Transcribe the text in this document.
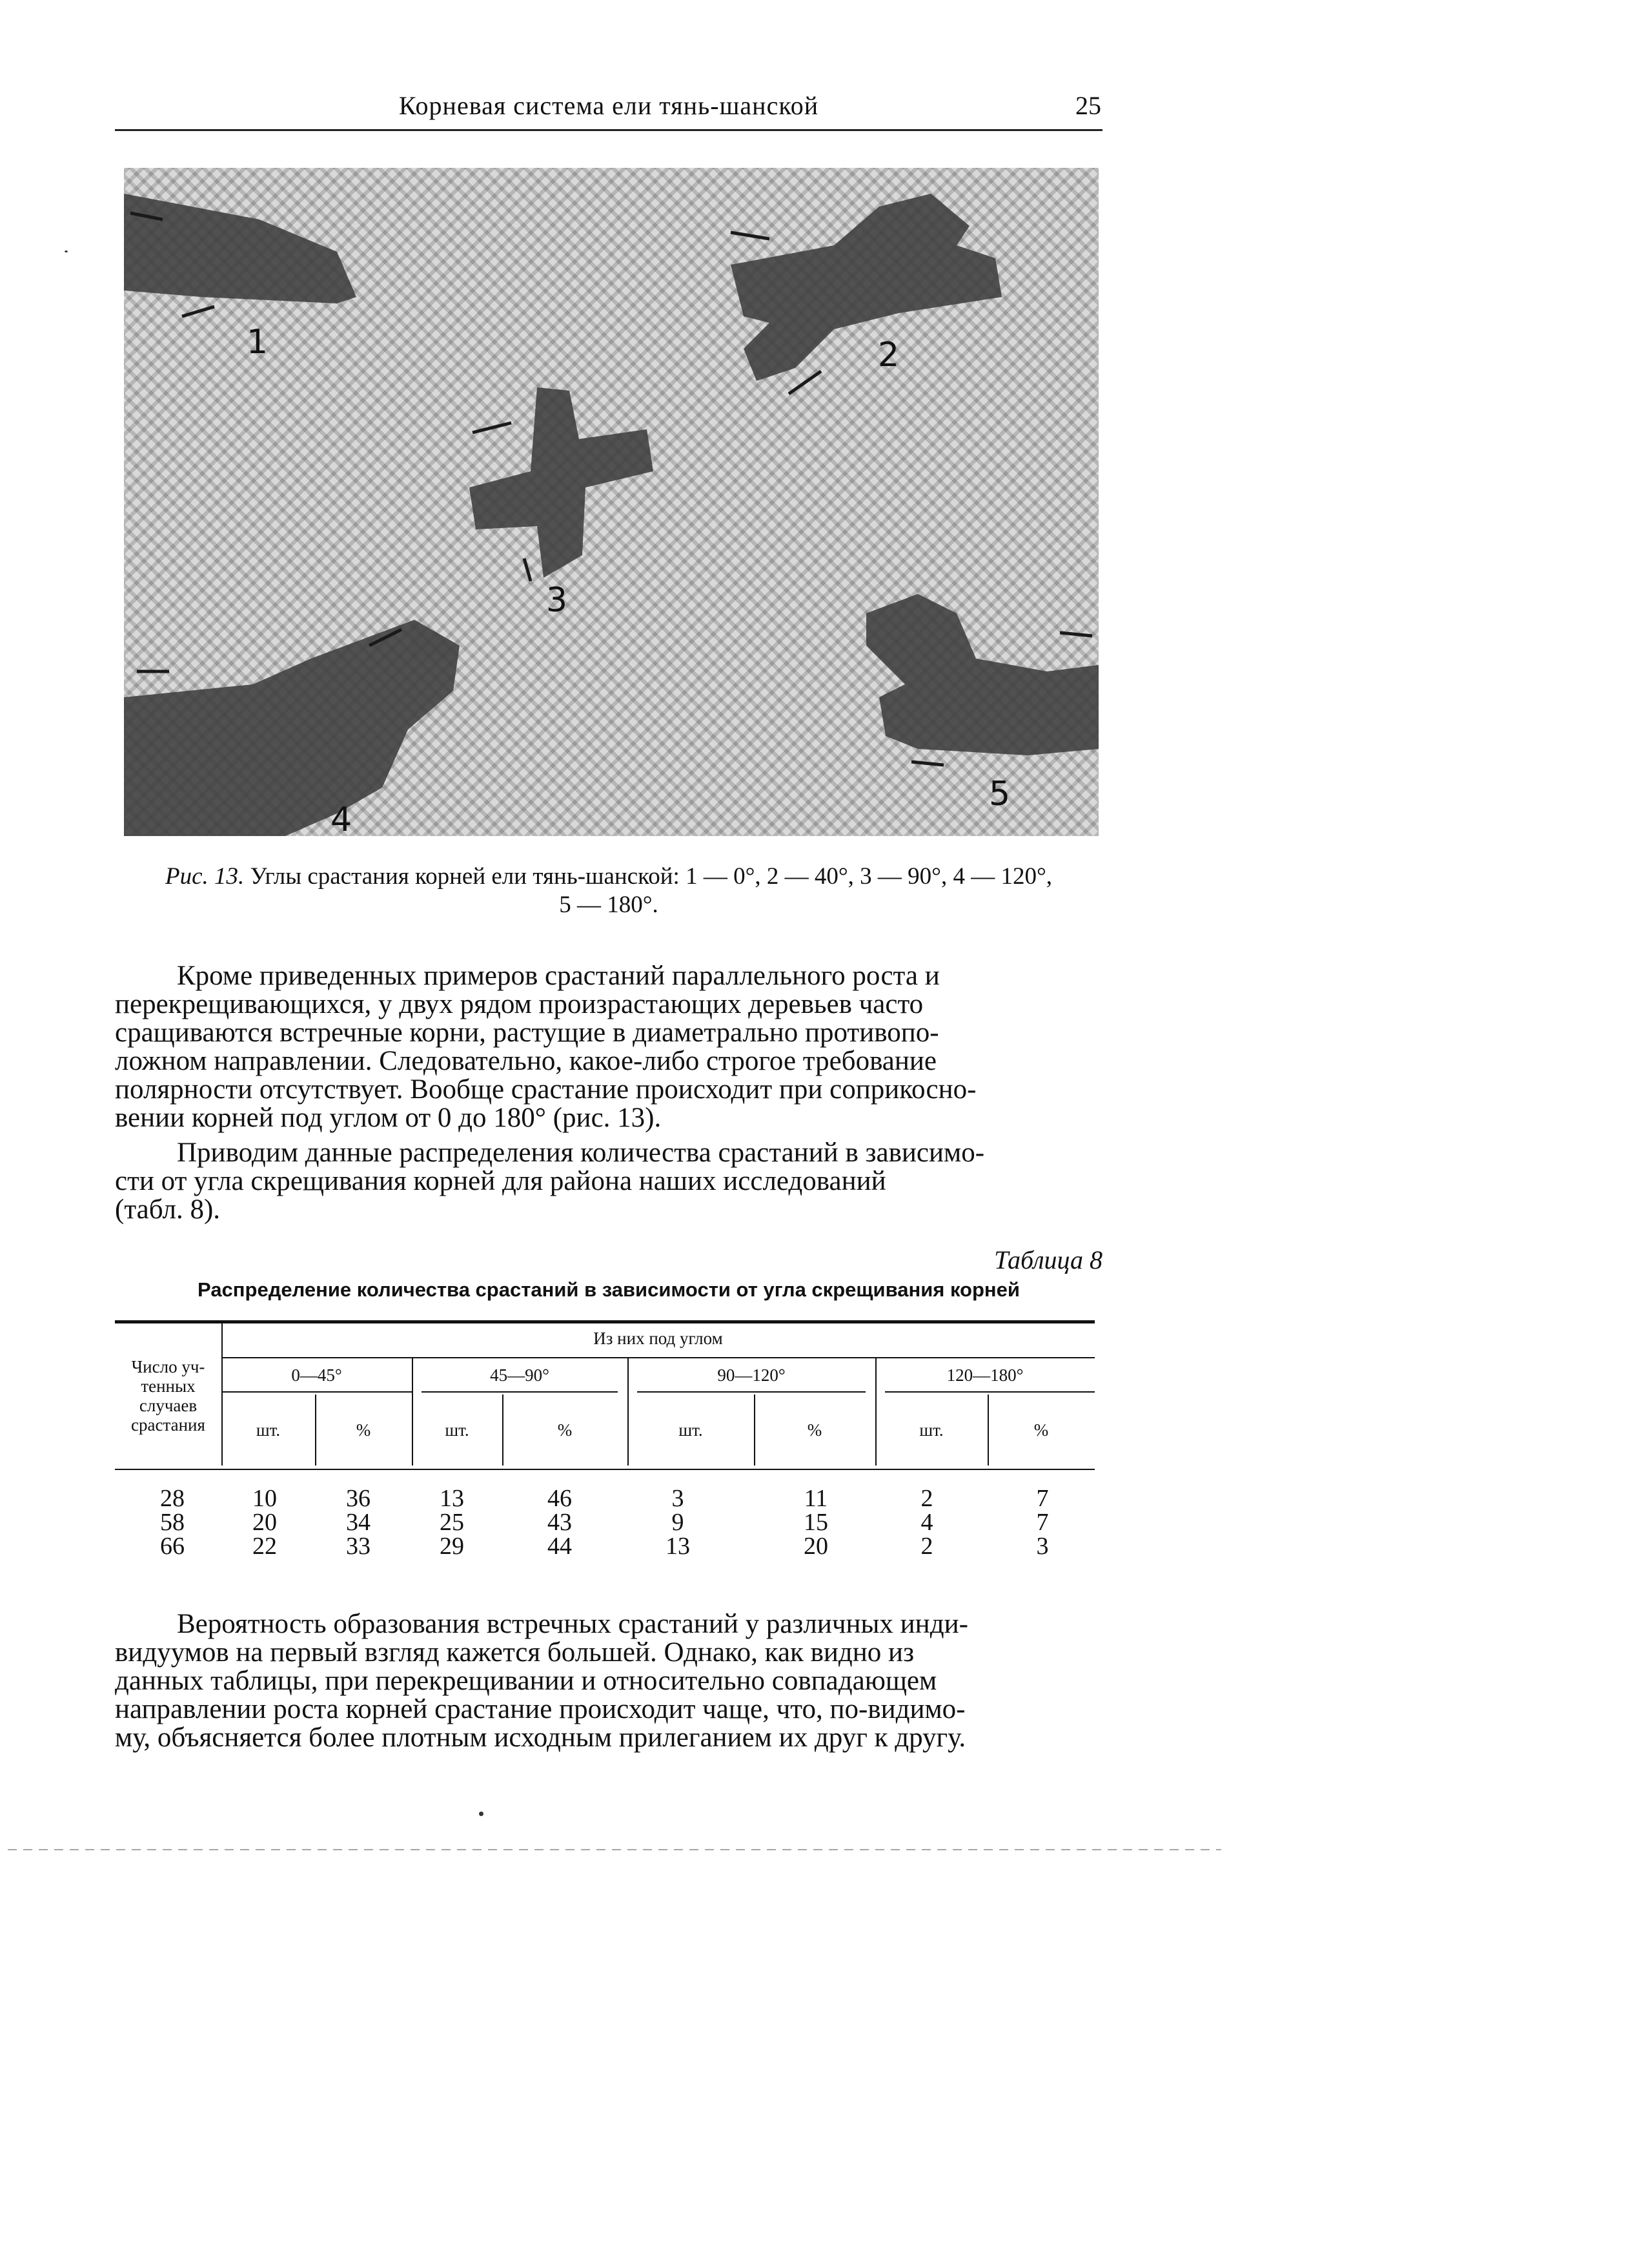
Корневая система ели тянь-шанской	25
1	2
3
4
5
Рис. 13. Углы срастания корней ели тянь-шанской: 1 — 0°, 2 — 40°, 3 — 90°, 4 — 120°,
5 — 180°.
Кроме приведенных примеров срастаний параллельного роста и
перекрещивающихся, у двух рядом произрастающих деревьев часто
сращиваются встречные корни, растущие в диаметрально противопо-
ложном направлении. Следовательно, какое-либо строгое требование
полярности отсутствует. Вообще срастание происходит при соприкосно-
вении корней под углом от 0 до 180° (рис. 13).
Приводим данные распределения количества срастаний в зависимо-
сти от угла скрещивания корней для района наших исследований
(табл. 8).
Таблица 8
Распределение количества срастаний в зависимости от угла скрещивания корней
Число уч-
тенных
случаев
срастания
Из них под углом
0—45°	45—90°	90—120°	120—180°
шт.	%	шт.	%	шт.	%	шт.	%
28	10	36	13	46	3	11	2	7
58	20	34	25	43	9	15	4	7
66	22	33	29	44	13	20	2	3
Вероятность образования встречных срастаний у различных инди-
видуумов на первый взгляд кажется большей. Однако, как видно из
данных таблицы, при перекрещивании и относительно совпадающем
направлении роста корней срастание происходит чаще, что, по-видимо-
му, объясняется более плотным исходным прилеганием их друг к другу.
